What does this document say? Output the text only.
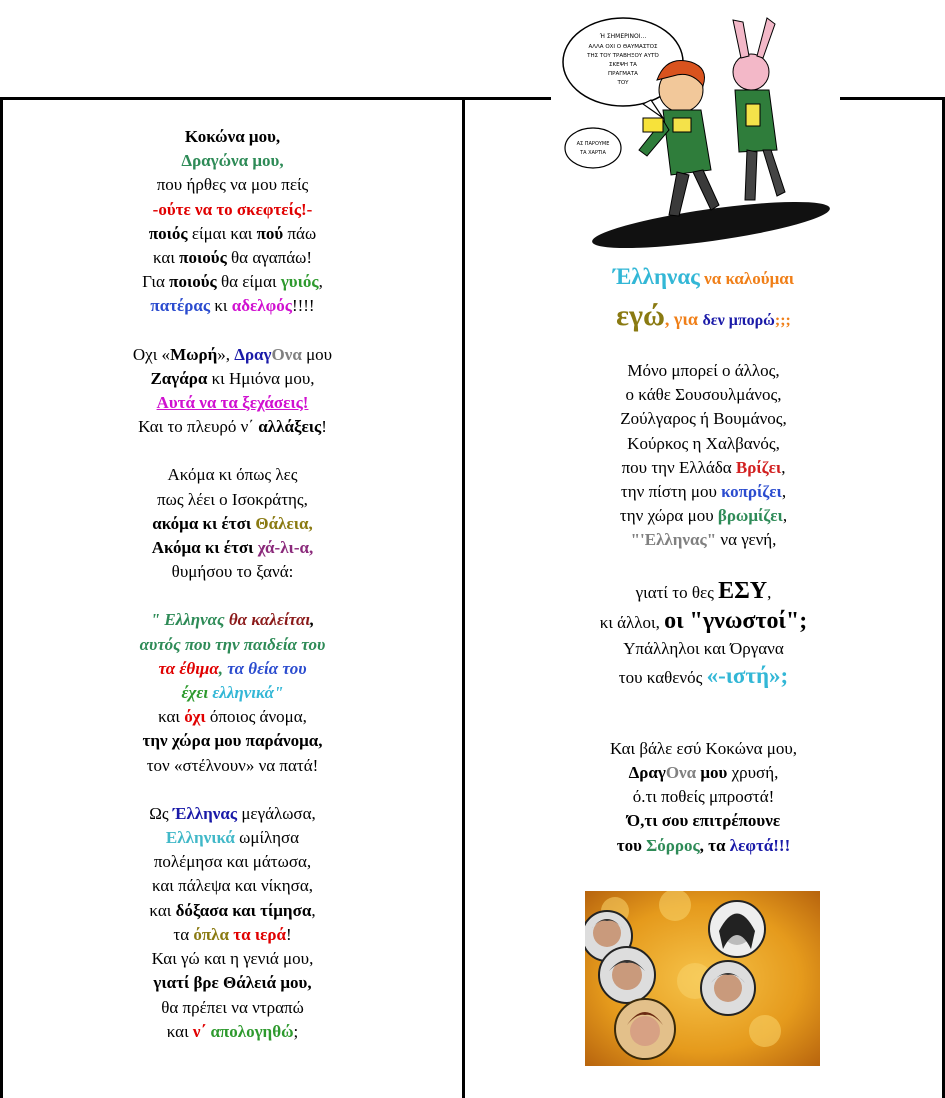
Κοκώνα μου,
Δραγώνα μου,
που ήρθες να μου πείς
-ούτε να το σκεφτείς!-
ποιός είμαι και πού πάω
και ποιούς θα αγαπάω!
Για ποιούς θα είμαι γυιός,
πατέρας κι αδελφός!!!!
Οχι «Μωρή», ΔραγΟνα μου
Ζαγάρα κι Ημιόνα μου,
Αυτά να τα ξεχάσεις!
Και το πλευρό ν΄ αλλάξεις!
Ακόμα κι όπως λες
πως λέει ο Ισοκράτης,
ακόμα κι έτσι Θάλεια,
Ακόμα κι έτσι χά-λι-α,
θυμήσου το ξανά:
" Ελληνας θα καλείται,
αυτός που την παιδεία του
τα έθιμα, τα θεία του
έχει ελληνικά"
και όχι όποιος άνομα,
την χώρα μου παράνομα,
τον «στέλνουν» να πατά!
Ως Έλληνας μεγάλωσα,
Ελληνικά ωμίλησα
πολέμησα και μάτωσα,
και πάλεψα και νίκησα,
και δόξασα και τίμησα,
τα όπλα τα ιερά!
Και γώ και η γενιά μου,
γιατί βρε Θάλειά μου,
θα πρέπει να ντραπώ
και ν΄ απολογηθώ;
Ή ΣΗΜΕΡΙΝΟΙ...
ΑΛΛΑ ΟΧΙ Ο ΘΑΥΜΑΣΤΟΣ
ΤΗΣ ΤΟΥ ΤΡΑΒΗΞΟΥ ΑΥΤΌ
ΣΚΕΨΗ ΤΑ
ΠΡΑΓΜΑΤΑ
ΤΟΥ
ΑΣ ΠΑΡΟΥΜΕ
ΤΑ ΧΑΡΤΙΑ
Έλληνας να καλούμαι
εγώ, για δεν μπορώ;;;
Μόνο μπορεί ο άλλος,
ο κάθε Σουσουλμάνος,
Ζούλγαρος ή Βουμάνος,
Κούρκος η Χαλβανός,
που την Ελλάδα Βρίζει,
την πίστη μου κοπρίζει,
την χώρα μου βρωμίζει,
"'Ελληνας" να γενή,
γιατί το θες ΕΣΥ,
κι άλλοι, οι "γνωστοί";
Υπάλληλοι και Όργανα
του καθενός «-ιστή»;
Και βάλε εσύ Κοκώνα μου,
ΔραγΟνα μου χρυσή,
ό.τι ποθείς μπροστά!
Ό,τι σου επιτρέπουνε
του Σόρρος, τα λεφτά!!!
